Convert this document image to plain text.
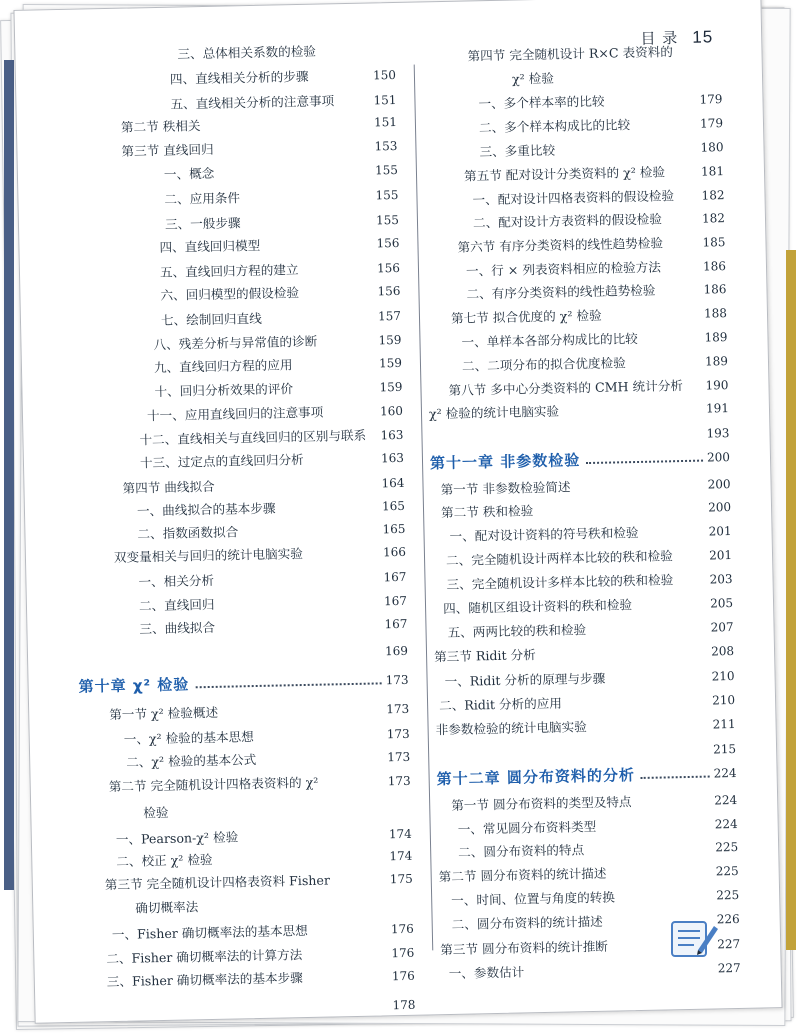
目 录 15
三、总体相关系数的检验
四、直线相关分析的步骤	150
五、直线相关分析的注意事项	151
第二节 秩相关	151
第三节 直线回归	153
一、概念	155
二、应用条件	155
三、一般步骤	155
四、直线回归模型	156
五、直线回归方程的建立	156
六、回归模型的假设检验	156
七、绘制回归直线	157
八、残差分析与异常值的诊断	159
九、直线回归方程的应用	159
十、回归分析效果的评价	159
十一、应用直线回归的注意事项	160
十二、直线相关与直线回归的区别与联系 163
十三、过定点的直线回归分析	163
第四节 曲线拟合	164
一、曲线拟合的基本步骤	165
二、指数函数拟合	165
双变量相关与回归的统计电脑实验	166
一、相关分析	167
二、直线回归	167
三、曲线拟合	167
169
第十章 χ² 检验	173
第一节 χ² 检验概述	173
一、χ² 检验的基本思想	173
二、χ² 检验的基本公式	173
第二节 完全随机设计四格表资料的 χ²	173
检验
一、Pearson-χ² 检验	174
二、校正 χ² 检验	174
第三节 完全随机设计四格表资料 Fisher	175
确切概率法
一、Fisher 确切概率法的基本思想	176
二、Fisher 确切概率法的计算方法	176
三、Fisher 确切概率法的基本步骤	176
178
第四节 完全随机设计 R×C 表资料的
χ² 检验
一、多个样本率的比较	179
二、多个样本构成比的比较	179
三、多重比较	180
第五节 配对设计分类资料的 χ² 检验	181
一、配对设计四格表资料的假设检验 182
二、配对设计方表资料的假设检验	182
第六节 有序分类资料的线性趋势检验	185
一、行 × 列表资料相应的检验方法	186
二、有序分类资料的线性趋势检验	186
第七节 拟合优度的 χ² 检验	188
一、单样本各部分构成比的比较	189
二、二项分布的拟合优度检验	189
第八节 多中心分类资料的 CMH 统计分析 190
χ² 检验的统计电脑实验	191
193
第十一章 非参数检验	200
第一节 非参数检验简述	200
第二节 秩和检验	200
一、配对设计资料的符号秩和检验	201
二、完全随机设计两样本比较的秩和检验	201
三、完全随机设计多样本比较的秩和检验	203
四、随机区组设计资料的秩和检验	205
五、两两比较的秩和检验	207
第三节 Ridit 分析	208
一、Ridit 分析的原理与步骤	210
二、Ridit 分析的应用	210
非参数检验的统计电脑实验	211
215
第十二章 圆分布资料的分析	224
第一节 圆分布资料的类型及特点	224
一、常见圆分布资料类型	224
二、圆分布资料的特点	225
第二节 圆分布资料的统计描述	225
一、时间、位置与角度的转换	225
二、圆分布资料的统计描述	226
第三节 圆分布资料的统计推断	227
一、参数估计	227
